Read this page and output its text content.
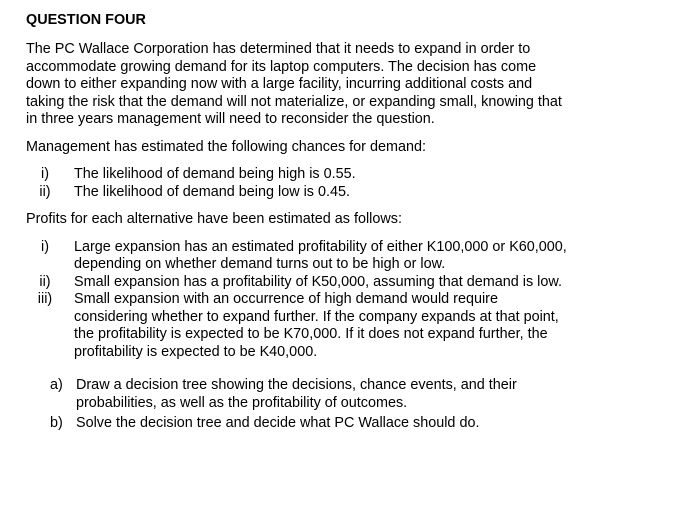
QUESTION FOUR
The PC Wallace Corporation has determined that it needs to expand in order to
accommodate growing demand for its laptop computers. The decision has come
down to either expanding now with a large facility, incurring additional costs and
taking the risk that the demand will not materialize, or expanding small, knowing that
in three years management will need to reconsider the question.
Management has estimated the following chances for demand:
i)	The likelihood of demand being high is 0.55.
ii)	The likelihood of demand being low is 0.45.
Profits for each alternative have been estimated as follows:
i)	Large expansion has an estimated profitability of either K100,000 or K60,000,
depending on whether demand turns out to be high or low.
ii)	Small expansion has a profitability of K50,000, assuming that demand is low.
iii)	Small expansion with an occurrence of high demand would require
considering whether to expand further. If the company expands at that point,
the profitability is expected to be K70,000. If it does not expand further, the
profitability is expected to be K40,000.
a) Draw a decision tree showing the decisions, chance events, and their
probabilities, as well as the profitability of outcomes.
b) Solve the decision tree and decide what PC Wallace should do.
